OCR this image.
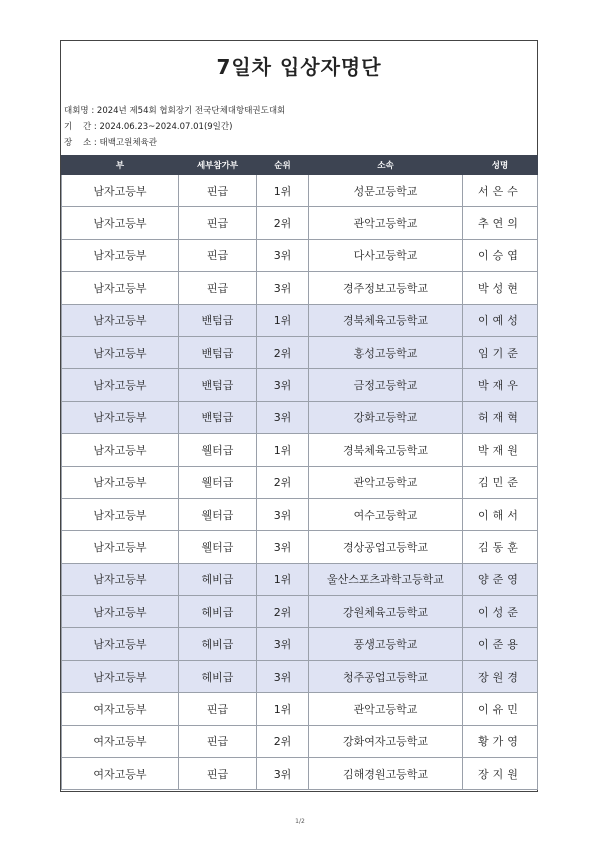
7일차 입상자명단
대회명 : 2024년 제54회 협회장기 전국단체대항태권도대회
기    간 : 2024.06.23~2024.07.01(9일간)
장    소 : 태백고원체육관
부	세부참가부	순위	소속	성명
남자고등부	핀급	1위	성문고등학교	서은수
남자고등부	핀급	2위	관악고등학교	추연의
남자고등부	핀급	3위	다사고등학교	이승엽
남자고등부	핀급	3위	경주정보고등학교	박성현
남자고등부	밴텀급	1위	경북체육고등학교	이예성
남자고등부	밴텀급	2위	홍성고등학교	임기준
남자고등부	밴텀급	3위	금정고등학교	박재우
남자고등부	밴텀급	3위	강화고등학교	허재혁
남자고등부	웰터급	1위	경북체육고등학교	박재원
남자고등부	웰터급	2위	관악고등학교	김민준
남자고등부	웰터급	3위	여수고등학교	이해서
남자고등부	웰터급	3위	경상공업고등학교	김동훈
남자고등부	헤비급	1위	울산스포츠과학고등학교	양준영
남자고등부	헤비급	2위	강원체육고등학교	이성준
남자고등부	헤비급	3위	풍생고등학교	이준용
남자고등부	헤비급	3위	청주공업고등학교	장원경
여자고등부	핀급	1위	관악고등학교	이유민
여자고등부	핀급	2위	강화여자고등학교	황가영
여자고등부	핀급	3위	김해경원고등학교	장지원
1/2
